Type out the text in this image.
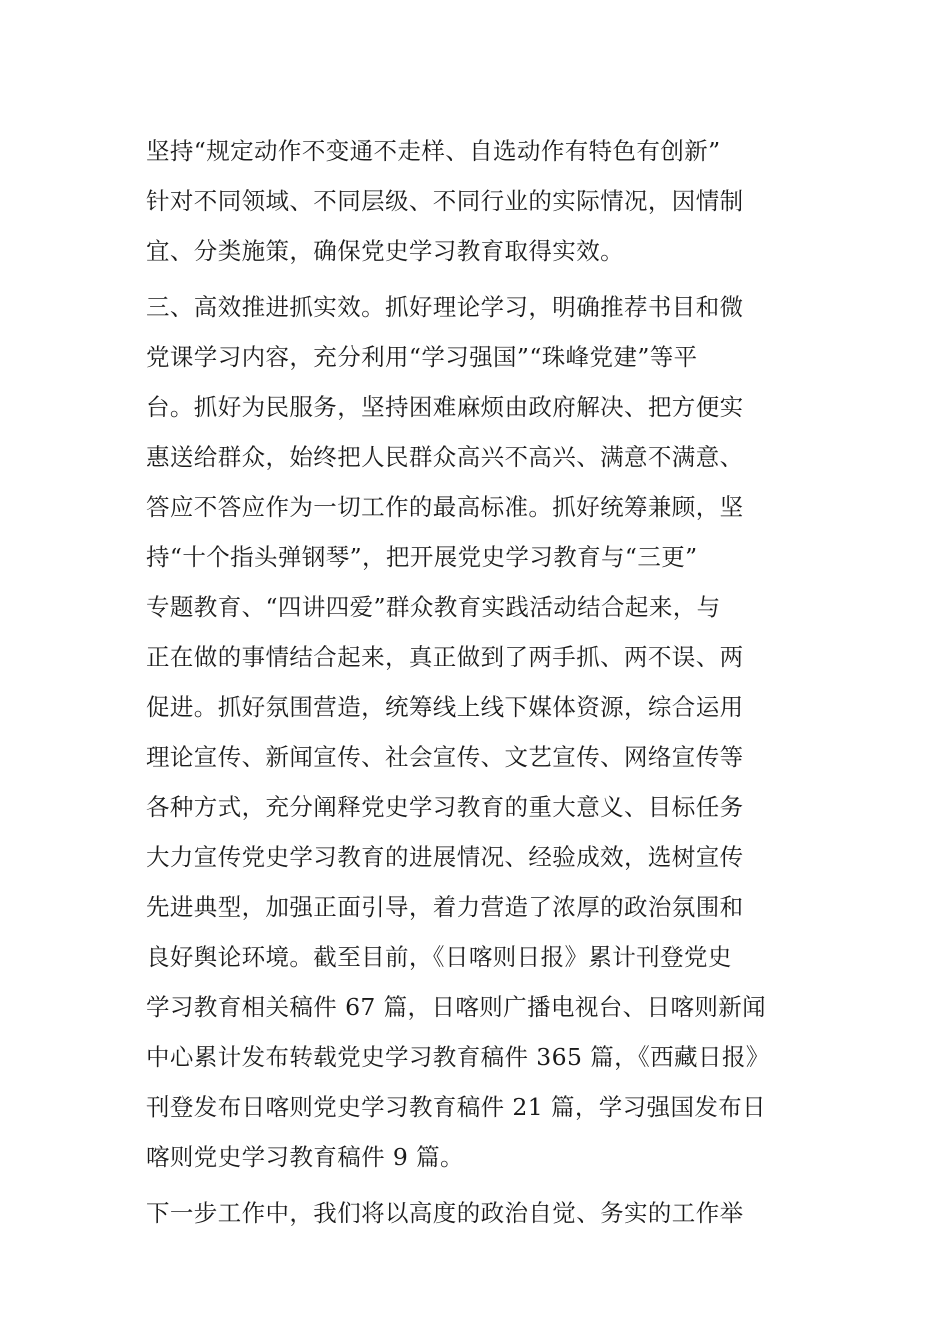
坚持“规定动作不变通不走样、自选动作有特色有创新”
针对不同领域、不同层级、不同行业的实际情况，因情制
宜、分类施策，确保党史学习教育取得实效。
三、高效推进抓实效。抓好理论学习，明确推荐书目和微
党课学习内容，充分利用“学习强国”“珠峰党建”等平
台。抓好为民服务，坚持困难麻烦由政府解决、把方便实
惠送给群众，始终把人民群众高兴不高兴、满意不满意、
答应不答应作为一切工作的最高标准。抓好统筹兼顾，坚
持“十个指头弹钢琴”，把开展党史学习教育与“三更”
专题教育、“四讲四爱”群众教育实践活动结合起来，与
正在做的事情结合起来，真正做到了两手抓、两不误、两
促进。抓好氛围营造，统筹线上线下媒体资源，综合运用
理论宣传、新闻宣传、社会宣传、文艺宣传、网络宣传等
各种方式，充分阐释党史学习教育的重大意义、目标任务
大力宣传党史学习教育的进展情况、经验成效，选树宣传
先进典型，加强正面引导，着力营造了浓厚的政治氛围和
良好舆论环境。截至目前，《日喀则日报》累计刊登党史
学习教育相关稿件 67 篇，日喀则广播电视台、日喀则新闻
中心累计发布转载党史学习教育稿件 365 篇，《西藏日报》
刊登发布日喀则党史学习教育稿件 21 篇，学习强国发布日
喀则党史学习教育稿件 9 篇。
下一步工作中，我们将以高度的政治自觉、务实的工作举
